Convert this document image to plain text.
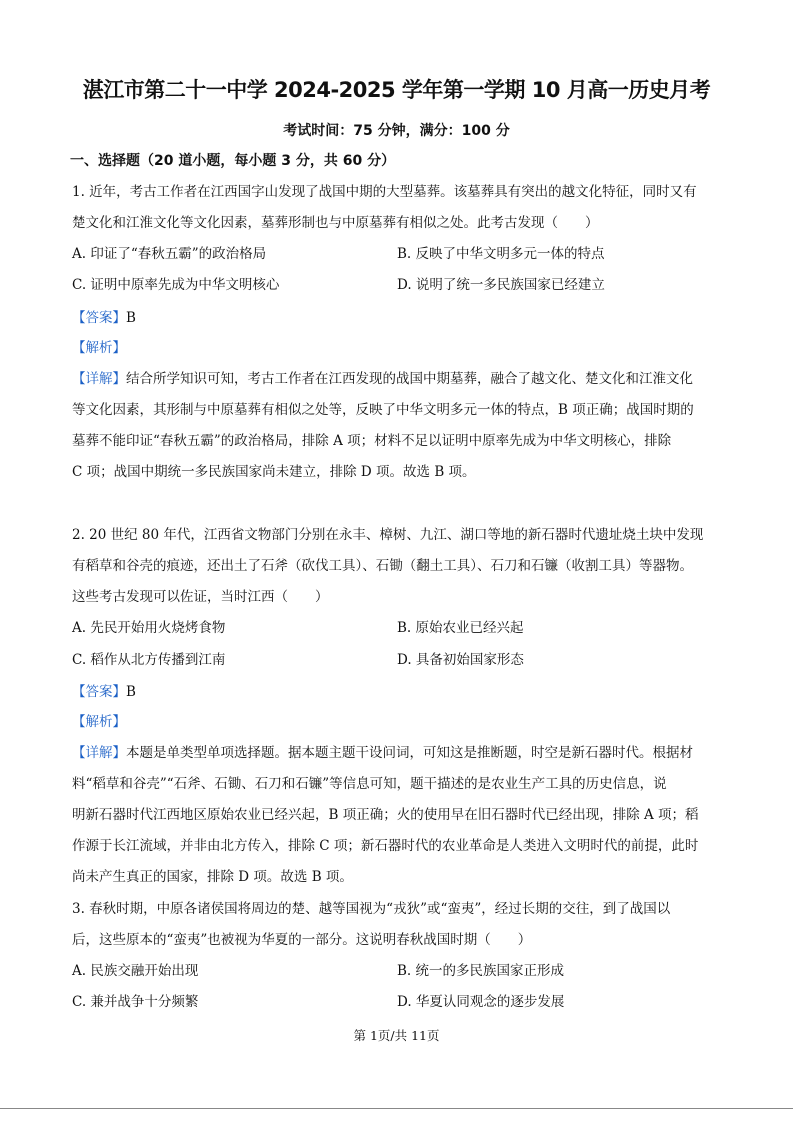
湛江市第二十一中学 2024-2025 学年第一学期 10 月高一历史月考
考试时间：75 分钟，满分：100 分
一、选择题（20 道小题，每小题 3 分，共 60 分）
1. 近年，考古工作者在江西国字山发现了战国中期的大型墓葬。该墓葬具有突出的越文化特征，同时又有
楚文化和江淮文化等文化因素，墓葬形制也与中原墓葬有相似之处。此考古发现（　　）
A. 印证了“春秋五霸”的政治格局	B. 反映了中华文明多元一体的特点
C. 证明中原率先成为中华文明核心	D. 说明了统一多民族国家已经建立
【答案】B
【解析】
【详解】结合所学知识可知，考古工作者在江西发现的战国中期墓葬，融合了越文化、楚文化和江淮文化
等文化因素，其形制与中原墓葬有相似之处等，反映了中华文明多元一体的特点，B 项正确；战国时期的
墓葬不能印证“春秋五霸”的政治格局，排除 A 项；材料不足以证明中原率先成为中华文明核心，排除
C 项；战国中期统一多民族国家尚未建立，排除 D 项。故选 B 项。
2. 20 世纪 80 年代，江西省文物部门分别在永丰、樟树、九江、湖口等地的新石器时代遗址烧土块中发现
有稻草和谷壳的痕迹，还出土了石斧（砍伐工具）、石锄（翻土工具）、石刀和石镰（收割工具）等器物。
这些考古发现可以佐证，当时江西（　　）
A. 先民开始用火烧烤食物	B. 原始农业已经兴起
C. 稻作从北方传播到江南	D. 具备初始国家形态
【答案】B
【解析】
【详解】本题是单类型单项选择题。据本题主题干设问词，可知这是推断题，时空是新石器时代。根据材
料“稻草和谷壳”“石斧、石锄、石刀和石镰”等信息可知，题干描述的是农业生产工具的历史信息，说
明新石器时代江西地区原始农业已经兴起，B 项正确；火的使用早在旧石器时代已经出现，排除 A 项；稻
作源于长江流域，并非由北方传入，排除 C 项；新石器时代的农业革命是人类进入文明时代的前提，此时
尚未产生真正的国家，排除 D 项。故选 B 项。
3. 春秋时期，中原各诸侯国将周边的楚、越等国视为“戎狄”或“蛮夷”，经过长期的交往，到了战国以
后，这些原本的“蛮夷”也被视为华夏的一部分。这说明春秋战国时期（　　）
A. 民族交融开始出现	B. 统一的多民族国家正形成
C. 兼并战争十分频繁	D. 华夏认同观念的逐步发展
第 1页/共 11页
